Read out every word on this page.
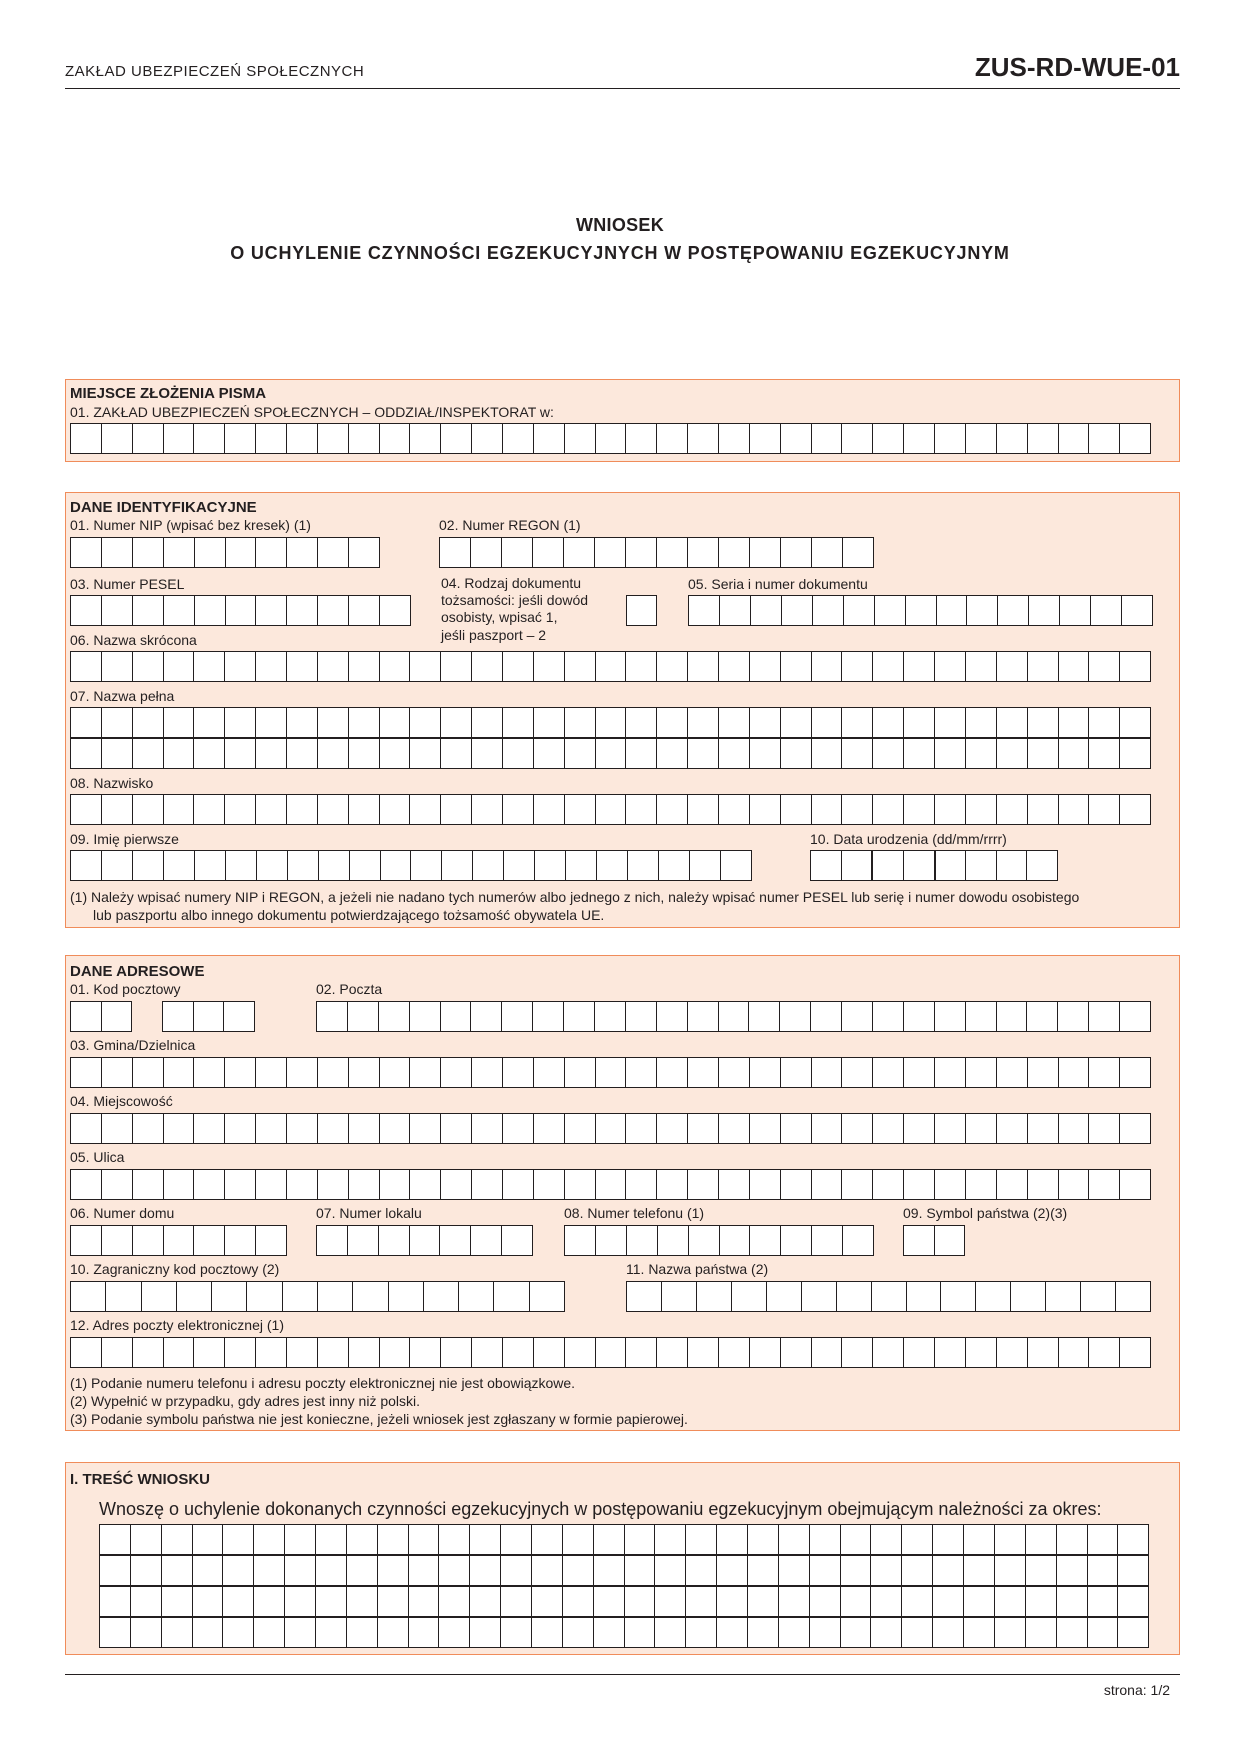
ZAKŁAD UBEZPIECZEŃ SPOŁECZNYCH	ZUS-RD-WUE-01
WNIOSEK
O UCHYLENIE CZYNNOŚCI EGZEKUCYJNYCH W POSTĘPOWANIU EGZEKUCYJNYM
MIEJSCE ZŁOŻENIA PISMA
01. ZAKŁAD UBEZPIECZEŃ SPOŁECZNYCH – ODDZIAŁ/INSPEKTORAT w:
DANE IDENTYFIKACYJNE
01. Numer NIP (wpisać bez kresek) (1)	02. Numer REGON (1)
03. Numer PESEL	04. Rodzaj dokumentu
tożsamości: jeśli dowód
osobisty, wpisać 1,
jeśli paszport – 2
05. Seria i numer dokumentu
06. Nazwa skrócona
07. Nazwa pełna
08. Nazwisko
09. Imię pierwsze	10. Data urodzenia (dd/mm/rrrr)
(1) Należy wpisać numery NIP i REGON, a jeżeli nie nadano tych numerów albo jednego z nich, należy wpisać numer PESEL lub serię i numer dowodu osobistego
lub paszportu albo innego dokumentu potwierdzającego tożsamość obywatela UE.
DANE ADRESOWE
01. Kod pocztowy	02. Poczta
03. Gmina/Dzielnica
04. Miejscowość
05. Ulica
06. Numer domu	07. Numer lokalu	08. Numer telefonu (1)	09. Symbol państwa (2)(3)
10. Zagraniczny kod pocztowy (2)	11. Nazwa państwa (2)
12. Adres poczty elektronicznej (1)
(1) Podanie numeru telefonu i adresu poczty elektronicznej nie jest obowiązkowe.
(2) Wypełnić w przypadku, gdy adres jest inny niż polski.
(3) Podanie symbolu państwa nie jest konieczne, jeżeli wniosek jest zgłaszany w formie papierowej.
I. TREŚĆ WNIOSKU
Wnoszę o uchylenie dokonanych czynności egzekucyjnych w postępowaniu egzekucyjnym obejmującym należności za okres:
strona: 1/2
